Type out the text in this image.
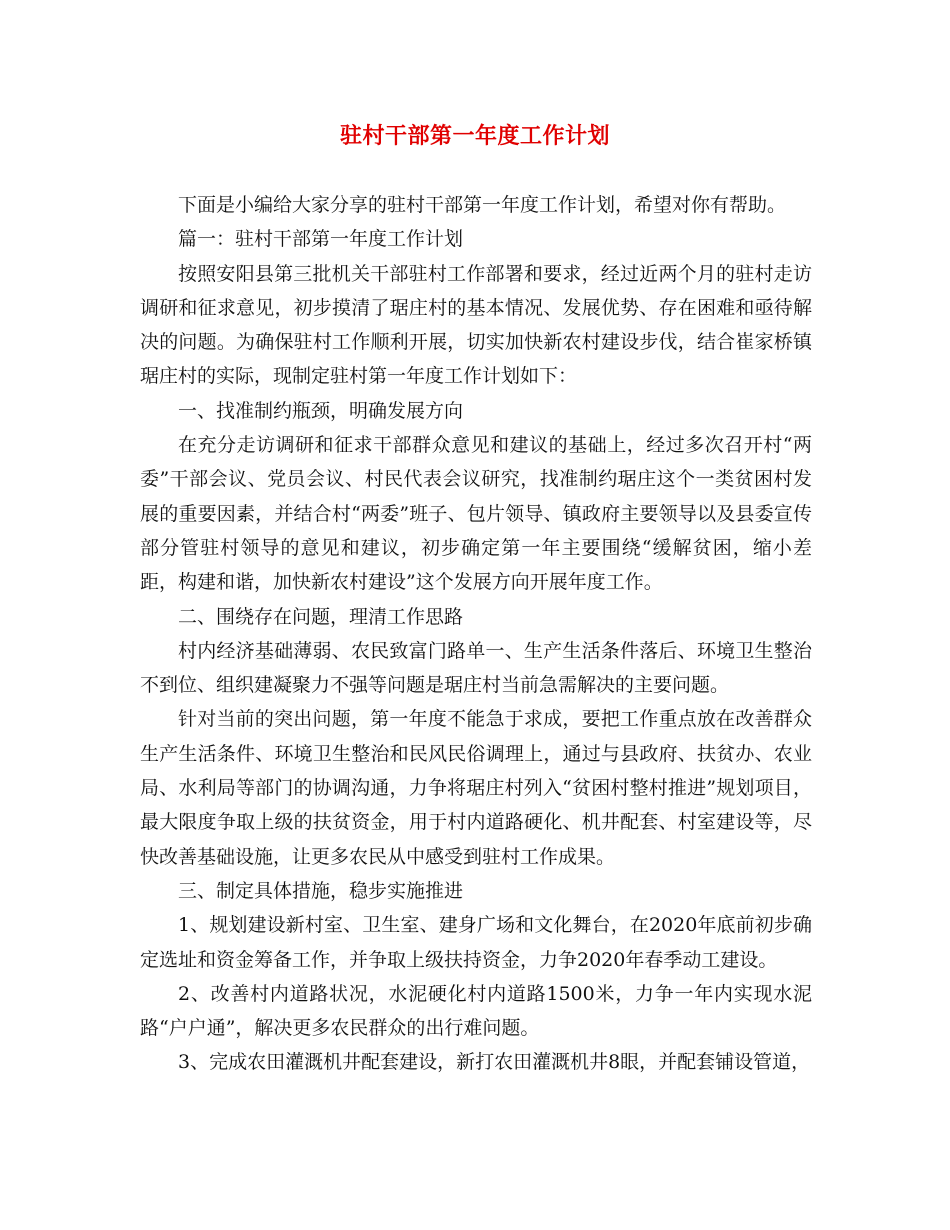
驻村干部第一年度工作计划

下面是小编给大家分享的驻村干部第一年度工作计划，希望对你有帮助。

篇一：驻村干部第一年度工作计划

按照安阳县第三批机关干部驻村工作部署和要求，经过近两个月的驻村走访调研和征求意见，初步摸清了琚庄村的基本情况、发展优势、存在困难和亟待解决的问题。为确保驻村工作顺利开展，切实加快新农村建设步伐，结合崔家桥镇琚庄村的实际，现制定驻村第一年度工作计划如下：

一、找准制约瓶颈，明确发展方向

在充分走访调研和征求干部群众意见和建议的基础上，经过多次召开村“两委”干部会议、党员会议、村民代表会议研究，找准制约琚庄这个一类贫困村发展的重要因素，并结合村“两委”班子、包片领导、镇政府主要领导以及县委宣传部分管驻村领导的意见和建议，初步确定第一年主要围绕“缓解贫困，缩小差距，构建和谐，加快新农村建设”这个发展方向开展年度工作。

二、围绕存在问题，理清工作思路

村内经济基础薄弱、农民致富门路单一、生产生活条件落后、环境卫生整治不到位、组织建凝聚力不强等问题是琚庄村当前急需解决的主要问题。

针对当前的突出问题，第一年度不能急于求成，要把工作重点放在改善群众生产生活条件、环境卫生整治和民风民俗调理上，通过与县政府、扶贫办、农业局、水利局等部门的协调沟通，力争将琚庄村列入“贫困村整村推进”规划项目，最大限度争取上级的扶贫资金，用于村内道路硬化、机井配套、村室建设等，尽快改善基础设施，让更多农民从中感受到驻村工作成果。

三、制定具体措施，稳步实施推进

1、规划建设新村室、卫生室、建身广场和文化舞台，在2020年底前初步确定选址和资金筹备工作，并争取上级扶持资金，力争2020年春季动工建设。

2、改善村内道路状况，水泥硬化村内道路1500米，力争一年内实现水泥路“户户通”，解决更多农民群众的出行难问题。

3、完成农田灌溉机井配套建设，新打农田灌溉机井8眼，并配套铺设管道，
